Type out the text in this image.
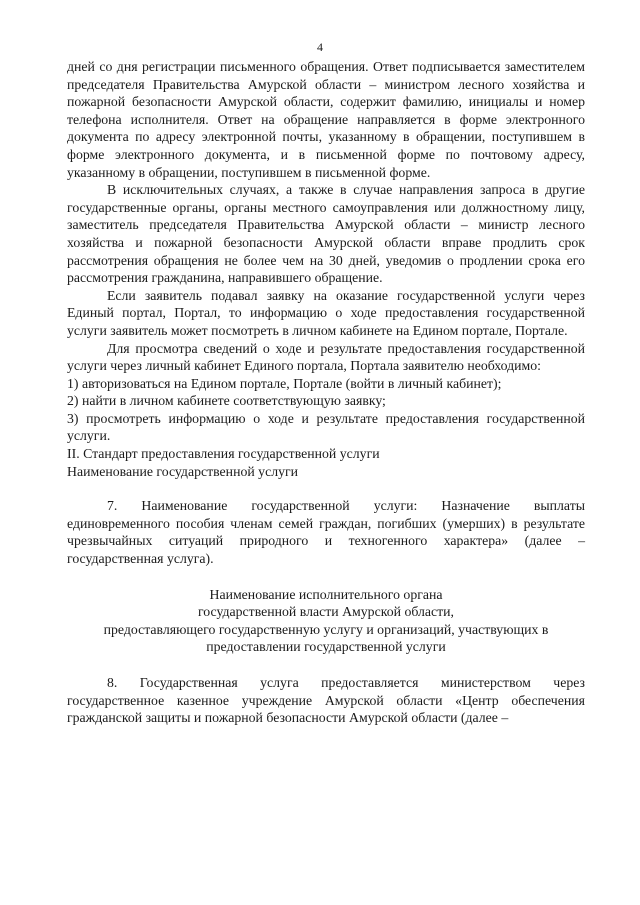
4

дней со дня регистрации письменного обращения. Ответ подписывается заместителем председателя Правительства Амурской области – министром лесного хозяйства и пожарной безопасности Амурской области, содержит фамилию, инициалы и номер телефона исполнителя. Ответ на обращение направляется в форме электронного документа по адресу электронной почты, указанному в обращении, поступившем в форме электронного документа, и в письменной форме по почтовому адресу, указанному в обращении, поступившем в письменной форме.

В исключительных случаях, а также в случае направления запроса в другие государственные органы, органы местного самоуправления или должностному лицу, заместитель председателя Правительства Амурской области – министр лесного хозяйства и пожарной безопасности Амурской области вправе продлить срок рассмотрения обращения не более чем на 30 дней, уведомив о продлении срока его рассмотрения гражданина, направившего обращение.

Если заявитель подавал заявку на оказание государственной услуги через Единый портал, Портал, то информацию о ходе предоставления государственной услуги заявитель может посмотреть в личном кабинете на Едином портале, Портале.

Для просмотра сведений о ходе и результате предоставления государственной услуги через личный кабинет Единого портала, Портала заявителю необходимо:

1) авторизоваться на Едином портале, Портале (войти в личный кабинет);

2) найти в личном кабинете соответствующую заявку;

3) просмотреть информацию о ходе и результате предоставления государственной услуги.

II. Стандарт предоставления государственной услуги

Наименование государственной услуги

7. Наименование государственной услуги: Назначение выплаты единовременного пособия членам семей граждан, погибших (умерших) в результате чрезвычайных ситуаций природного и техногенного характера» (далее – государственная услуга).

Наименование исполнительного органа
государственной власти Амурской области,
предоставляющего государственную услугу и организаций, участвующих в
предоставлении государственной услуги

8. Государственная услуга предоставляется министерством через государственное казенное учреждение Амурской области «Центр обеспечения гражданской защиты и пожарной безопасности Амурской области (далее –
